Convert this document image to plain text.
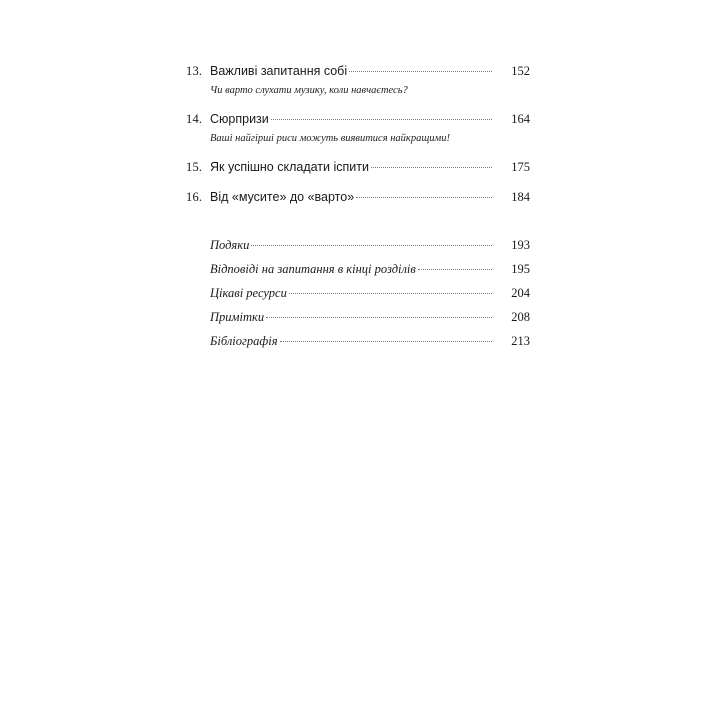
13. Важливі запитання собі	152
Чи варто слухати музику, коли навчаєтесь?
14. Сюрпризи	164
Ваші найгірші риси можуть виявитися найкращими!
15. Як успішно складати іспити	175
16. Від «мусите» до «варто»	184
Подяки	193
Відповіді на запитання в кінці розділів	195
Цікаві ресурси	204
Примітки	208
Бібліографія	213
